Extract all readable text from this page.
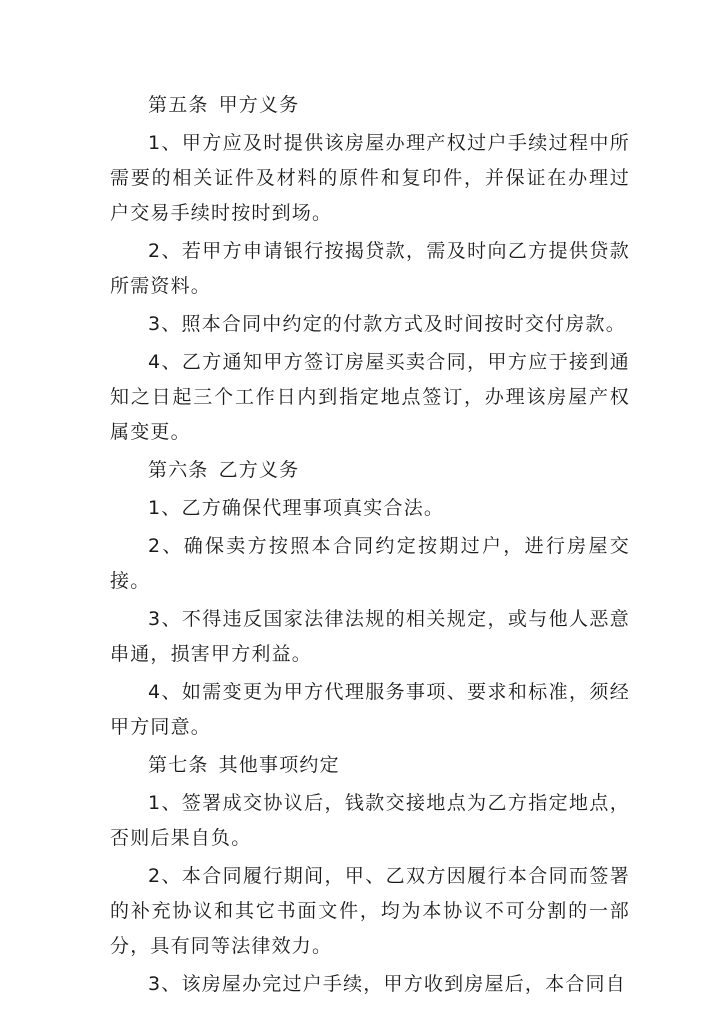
第五条 甲方义务

1、甲方应及时提供该房屋办理产权过户手续过程中所需要的相关证件及材料的原件和复印件，并保证在办理过户交易手续时按时到场。

2、若甲方申请银行按揭贷款，需及时向乙方提供贷款所需资料。

3、照本合同中约定的付款方式及时间按时交付房款。

4、乙方通知甲方签订房屋买卖合同，甲方应于接到通知之日起三个工作日内到指定地点签订，办理该房屋产权属变更。

第六条 乙方义务

1、乙方确保代理事项真实合法。

2、确保卖方按照本合同约定按期过户，进行房屋交接。

3、不得违反国家法律法规的相关规定，或与他人恶意串通，损害甲方利益。

4、如需变更为甲方代理服务事项、要求和标准，须经甲方同意。

第七条 其他事项约定

1、签署成交协议后，钱款交接地点为乙方指定地点，否则后果自负。

2、本合同履行期间，甲、乙双方因履行本合同而签署的补充协议和其它书面文件，均为本协议不可分割的一部分，具有同等法律效力。

3、该房屋办完过户手续，甲方收到房屋后，本合同自
